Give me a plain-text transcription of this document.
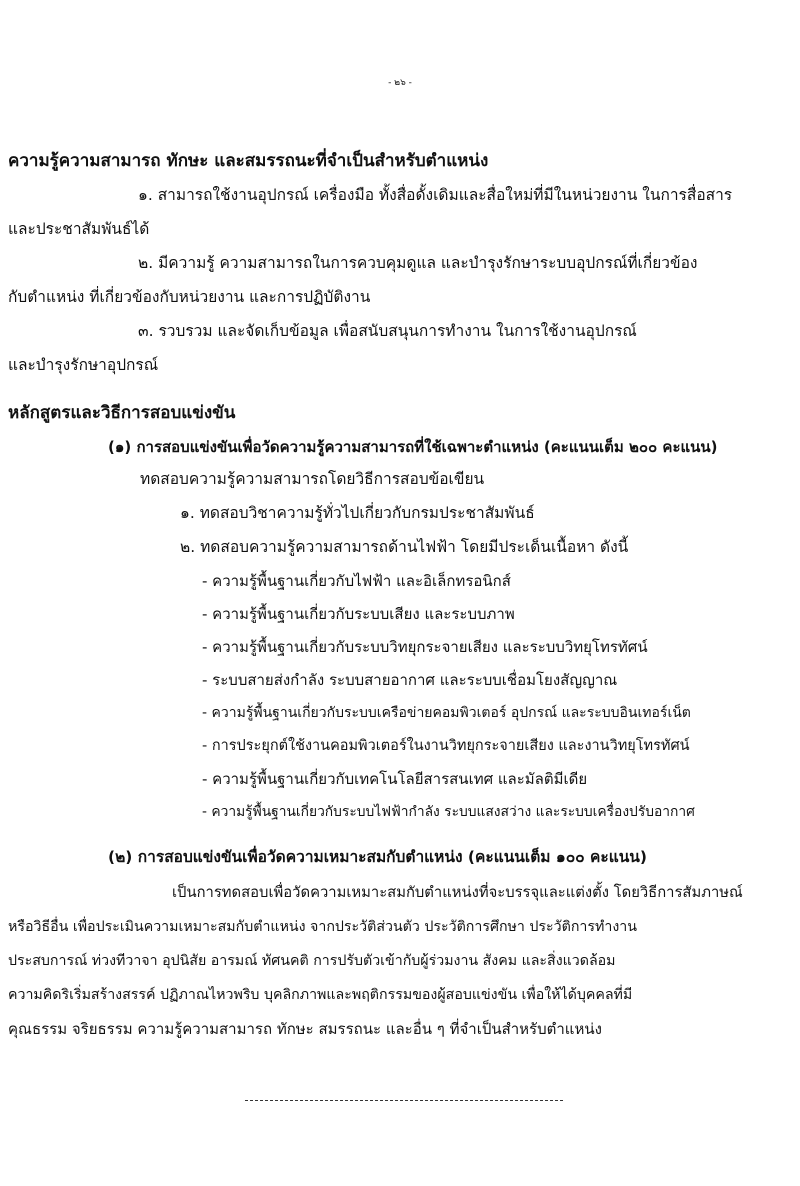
- ๒๖ -
ความรู้ความสามารถ ทักษะ และสมรรถนะที่จำเป็นสำหรับตำแหน่ง
๑. สามารถใช้งานอุปกรณ์ เครื่องมือ ทั้งสื่อดั้งเดิมและสื่อใหม่ที่มีในหน่วยงาน ในการสื่อสาร
และประชาสัมพันธ์ได้
๒. มีความรู้ ความสามารถในการควบคุมดูแล และบำรุงรักษาระบบอุปกรณ์ที่เกี่ยวข้อง
กับตำแหน่ง ที่เกี่ยวข้องกับหน่วยงาน และการปฏิบัติงาน
๓. รวบรวม และจัดเก็บข้อมูล เพื่อสนับสนุนการทำงาน ในการใช้งานอุปกรณ์
และบำรุงรักษาอุปกรณ์
หลักสูตรและวิธีการสอบแข่งขัน
(๑) การสอบแข่งขันเพื่อวัดความรู้ความสามารถที่ใช้เฉพาะตำแหน่ง (คะแนนเต็ม ๒๐๐ คะแนน)
ทดสอบความรู้ความสามารถโดยวิธีการสอบข้อเขียน
๑. ทดสอบวิชาความรู้ทั่วไปเกี่ยวกับกรมประชาสัมพันธ์
๒. ทดสอบความรู้ความสามารถด้านไฟฟ้า โดยมีประเด็นเนื้อหา ดังนี้
- ความรู้พื้นฐานเกี่ยวกับไฟฟ้า และอิเล็กทรอนิกส์
- ความรู้พื้นฐานเกี่ยวกับระบบเสียง และระบบภาพ
- ความรู้พื้นฐานเกี่ยวกับระบบวิทยุกระจายเสียง และระบบวิทยุโทรทัศน์
- ระบบสายส่งกำลัง ระบบสายอากาศ และระบบเชื่อมโยงสัญญาณ
- ความรู้พื้นฐานเกี่ยวกับระบบเครือข่ายคอมพิวเตอร์ อุปกรณ์ และระบบอินเทอร์เน็ต
- การประยุกต์ใช้งานคอมพิวเตอร์ในงานวิทยุกระจายเสียง และงานวิทยุโทรทัศน์
- ความรู้พื้นฐานเกี่ยวกับเทคโนโลยีสารสนเทศ และมัลติมีเดีย
- ความรู้พื้นฐานเกี่ยวกับระบบไฟฟ้ากำลัง ระบบแสงสว่าง และระบบเครื่องปรับอากาศ
(๒) การสอบแข่งขันเพื่อวัดความเหมาะสมกับตำแหน่ง (คะแนนเต็ม ๑๐๐ คะแนน)
เป็นการทดสอบเพื่อวัดความเหมาะสมกับตำแหน่งที่จะบรรจุและแต่งตั้ง โดยวิธีการสัมภาษณ์
หรือวิธีอื่น เพื่อประเมินความเหมาะสมกับตำแหน่ง จากประวัติส่วนตัว ประวัติการศึกษา ประวัติการทำงาน
ประสบการณ์ ท่วงทีวาจา อุปนิสัย อารมณ์ ทัศนคติ การปรับตัวเข้ากับผู้ร่วมงาน สังคม และสิ่งแวดล้อม
ความคิดริเริ่มสร้างสรรค์ ปฏิภาณไหวพริบ บุคลิกภาพและพฤติกรรมของผู้สอบแข่งขัน เพื่อให้ได้บุคคลที่มี
คุณธรรม จริยธรรม ความรู้ความสามารถ ทักษะ สมรรถนะ และอื่น ๆ ที่จำเป็นสำหรับตำแหน่ง
